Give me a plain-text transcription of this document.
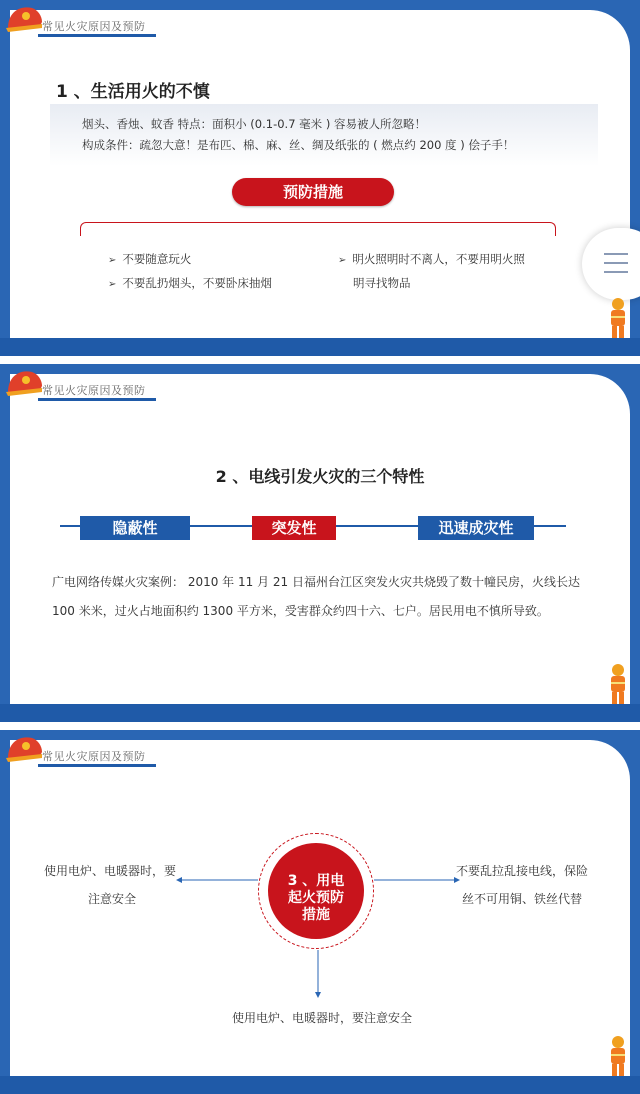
常见火灾原因及预防
1 、生活用火的不慎
烟头、香烛、蚊香 特点：面积小 (0.1-0.7 毫米 ) 容易被人所忽略！
构成条件：疏忽大意！是布匹、棉、麻、丝、绸及纸张的 ( 燃点约 200 度 ) 侩子手！
预防措施
➢ 不要随意玩火
➢ 不要乱扔烟头，不要卧床抽烟
➢ 明火照明时不离人，不要用明火照
明寻找物品
常见火灾原因及预防
2 、电线引发火灾的三个特性
隐蔽性	突发性	迅速成灾性
广电网络传媒火灾案例： 2010 年 11 月 21 日福州台江区突发火灾共烧毁了数十幢民房，火线长达 100 米米，过火占地面积约 1300 平方米，受害群众约四十六、七户。居民用电不慎所导致。
常见火灾原因及预防
3 、用电
起火预防
措施
使用电炉、电暖器时，要
注意安全
不要乱拉乱接电线，保险
丝不可用铜、铁丝代替
使用电炉、电暖器时，要注意安全
